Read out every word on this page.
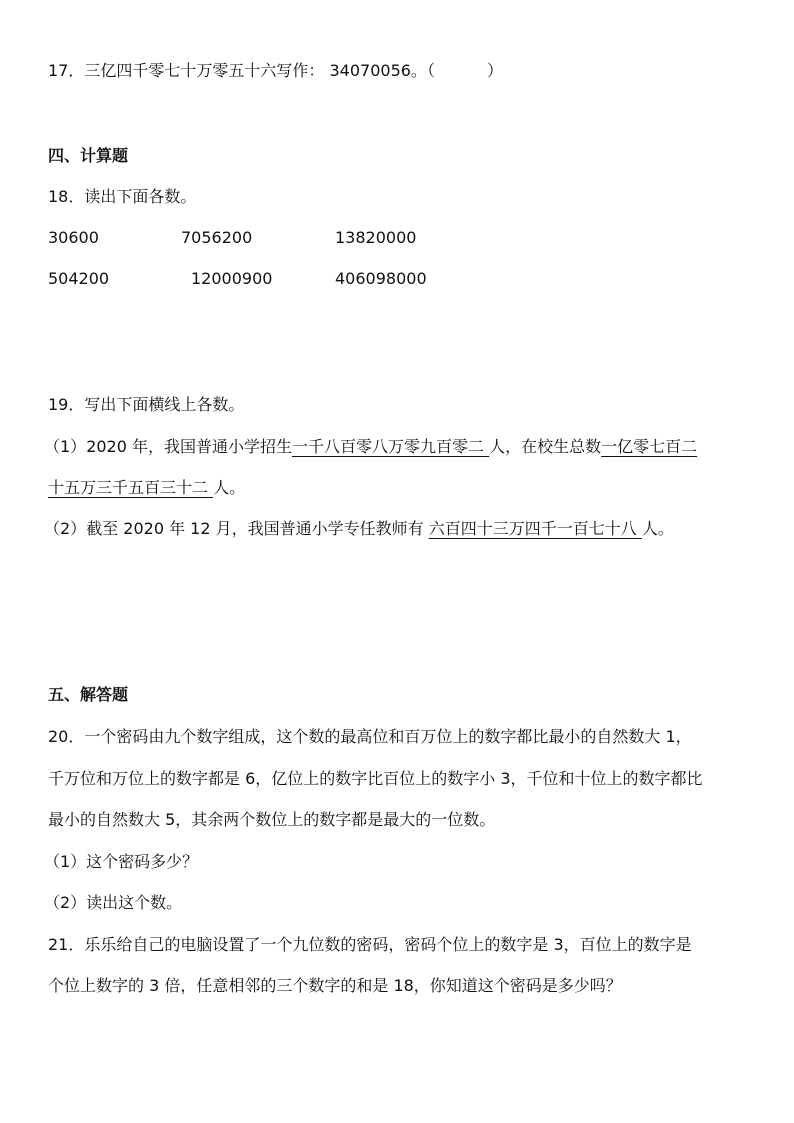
17．三亿四千零七十万零五十六写作： 34070056。（	）
四、计算题
18．读出下面各数。
30600	7056200	13820000
504200	12000900	406098000
19．写出下面横线上各数。
（1）2020 年，我国普通小学招生一千八百零八万零九百零二 人，在校生总数一亿零七百二
十五万三千五百三十二 人。
（2）截至 2020 年 12 月，我国普通小学专任教师有 六百四十三万四千一百七十八 人。
五、解答题
20．一个密码由九个数字组成，这个数的最高位和百万位上的数字都比最小的自然数大 1，
千万位和万位上的数字都是 6，亿位上的数字比百位上的数字小 3，千位和十位上的数字都比
最小的自然数大 5，其余两个数位上的数字都是最大的一位数。
（1）这个密码多少？
（2）读出这个数。
21．乐乐给自己的电脑设置了一个九位数的密码，密码个位上的数字是 3，百位上的数字是
个位上数字的 3 倍，任意相邻的三个数字的和是 18，你知道这个密码是多少吗？
